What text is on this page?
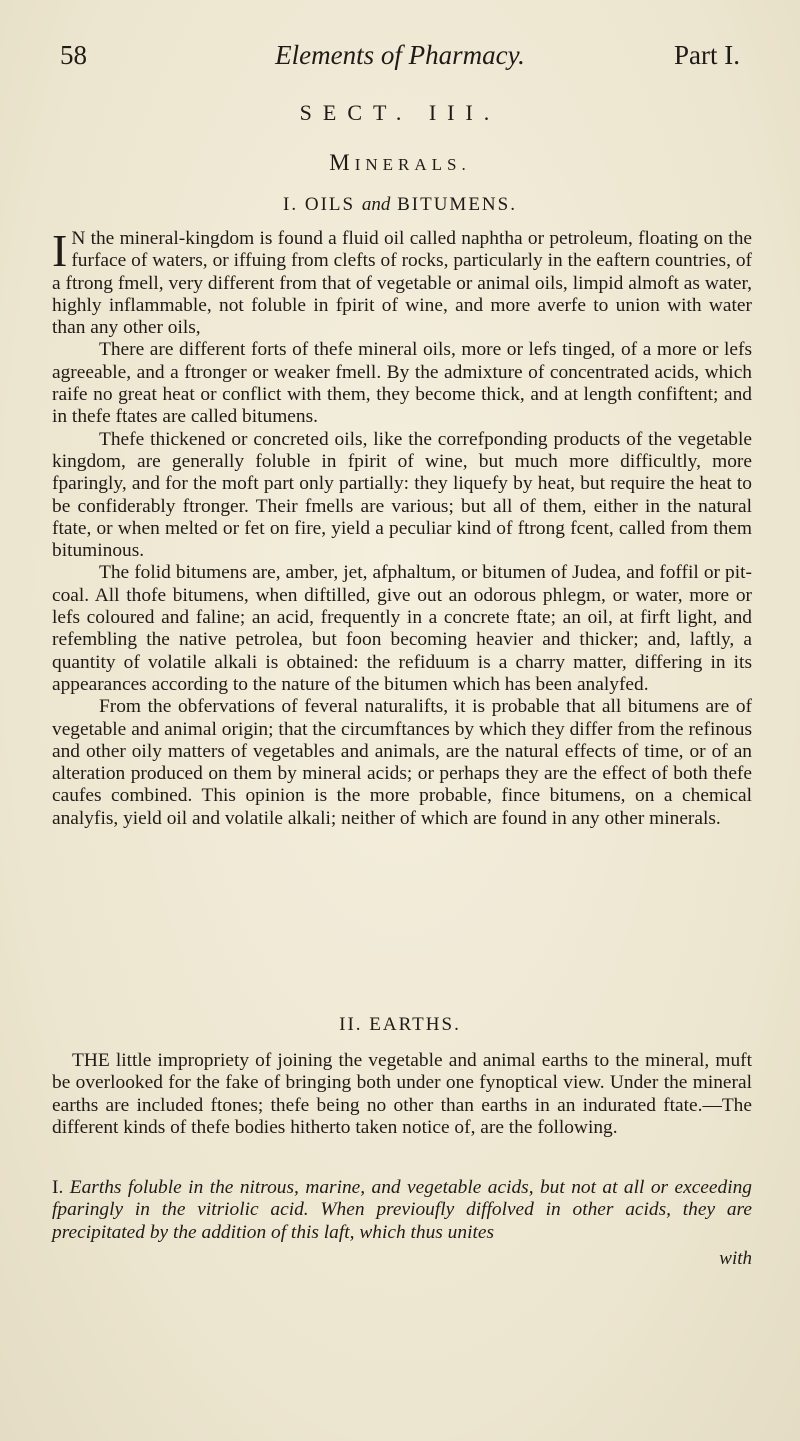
58	Elements of Pharmacy.	Part I.
SECT. III.
MINERALS.
I. OILS and BITUMENS.

I N the mineral-kingdom is found a fluid oil called naphtha or petroleum, floating on the furface of waters, or iffuing from clefts of rocks, particularly in the eaftern countries, of a ftrong fmell, very different from that of vegetable or animal oils, limpid almoft as water, highly inflammable, not foluble in fpirit of wine, and more averfe to union with water than any other oils,

There are different forts of thefe mineral oils, more or lefs tinged, of a more or lefs agreeable, and a ftronger or weaker fmell. By the admixture of concentrated acids, which raife no great heat or conflict with them, they become thick, and at length confiftent; and in thefe ftates are called bitumens.

Thefe thickened or concreted oils, like the correfponding products of the vegetable kingdom, are generally foluble in fpirit of wine, but much more difficultly, more fparingly, and for the moft part only partially: they liquefy by heat, but require the heat to be confiderably ftronger. Their fmells are various; but all of them, either in the natural ftate, or when melted or fet on fire, yield a peculiar kind of ftrong fcent, called from them bituminous.

The folid bitumens are, amber, jet, afphaltum, or bitumen of Judea, and foffil or pit-coal. All thofe bitumens, when diftilled, give out an odorous phlegm, or water, more or lefs coloured and faline; an acid, frequently in a concrete ftate; an oil, at firft light, and refembling the native petrolea, but foon becoming heavier and thicker; and, laftly, a quantity of volatile alkali is obtained: the refiduum is a charry matter, differing in its appearances according to the nature of the bitumen which has been analyfed.

From the obfervations of feveral naturalifts, it is probable that all bitumens are of vegetable and animal origin; that the circumftances by which they differ from the refinous and other oily matters of vegetables and animals, are the natural effects of time, or of an alteration produced on them by mineral acids; or perhaps they are the effect of both thefe caufes combined. This opinion is the more probable, fince bitumens, on a chemical analyfis, yield oil and volatile alkali; neither of which are found in any other minerals.

II. EARTHS.

THE little impropriety of joining the vegetable and animal earths to the mineral, muft be overlooked for the fake of bringing both under one fynoptical view. Under the mineral earths are included ftones; thefe being no other than earths in an indurated ftate.—The different kinds of thefe bodies hitherto taken notice of, are the following.

I. Earths foluble in the nitrous, marine, and vegetable acids, but not at all or exceeding fparingly in the vitriolic acid. When previoufly diffolved in other acids, they are precipitated by the addition of this laft, which thus unites
with
